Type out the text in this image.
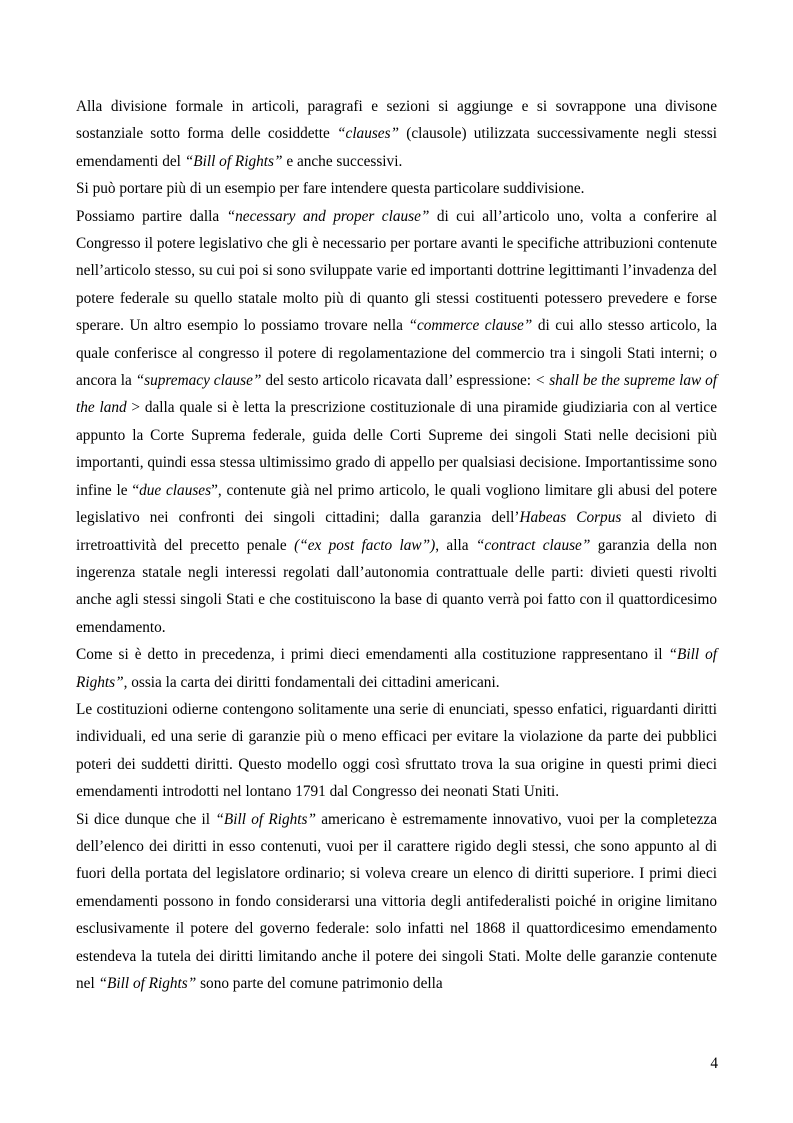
Alla divisione formale in articoli, paragrafi e sezioni si aggiunge e si sovrappone una divisone sostanziale sotto forma delle cosiddette “clauses” (clausole) utilizzata successivamente negli stessi emendamenti del “Bill of Rights” e anche successivi.

Si può portare più di un esempio per fare intendere questa particolare suddivisione.

Possiamo partire dalla “necessary and proper clause” di cui all’articolo uno, volta a conferire al Congresso il potere legislativo che gli è necessario per portare avanti le specifiche attribuzioni contenute nell’articolo stesso, su cui poi si sono sviluppate varie ed importanti dottrine legittimanti l’invadenza del potere federale su quello statale molto più di quanto gli stessi costituenti potessero prevedere e forse sperare. Un altro esempio lo possiamo trovare nella “commerce clause” di cui allo stesso articolo, la quale conferisce al congresso il potere di regolamentazione del commercio tra i singoli Stati interni; o ancora la “supremacy clause” del sesto articolo ricavata dall’ espressione: < shall be the supreme law of the land > dalla quale si è letta la prescrizione costituzionale di una piramide giudiziaria con al vertice appunto la Corte Suprema federale, guida delle Corti Supreme dei singoli Stati nelle decisioni più importanti, quindi essa stessa ultimissimo grado di appello per qualsiasi decisione. Importantissime sono infine le “due clauses”, contenute già nel primo articolo, le quali vogliono limitare gli abusi del potere legislativo nei confronti dei singoli cittadini; dalla garanzia dell’Habeas Corpus al divieto di irretroattività del precetto penale (“ex post facto law”), alla “contract clause” garanzia della non ingerenza statale negli interessi regolati dall’autonomia contrattuale delle parti: divieti questi rivolti anche agli stessi singoli Stati e che costituiscono la base di quanto verrà poi fatto con il quattordicesimo emendamento.

Come si è detto in precedenza, i primi dieci emendamenti alla costituzione rappresentano il “Bill of Rights”, ossia la carta dei diritti fondamentali dei cittadini americani.

Le costituzioni odierne contengono solitamente una serie di enunciati, spesso enfatici, riguardanti diritti individuali, ed una serie di garanzie più o meno efficaci per evitare la violazione da parte dei pubblici poteri dei suddetti diritti. Questo modello oggi così sfruttato trova la sua origine in questi primi dieci emendamenti introdotti nel lontano 1791 dal Congresso dei neonati Stati Uniti.

Si dice dunque che il “Bill of Rights” americano è estremamente innovativo, vuoi per la completezza dell’elenco dei diritti in esso contenuti, vuoi per il carattere rigido degli stessi, che sono appunto al di fuori della portata del legislatore ordinario; si voleva creare un elenco di diritti superiore. I primi dieci emendamenti possono in fondo considerarsi una vittoria degli antifederalisti poiché in origine limitano esclusivamente il potere del governo federale: solo infatti nel 1868 il quattordicesimo emendamento estendeva la tutela dei diritti limitando anche il potere dei singoli Stati. Molte delle garanzie contenute nel “Bill of Rights” sono parte del comune patrimonio della

4
